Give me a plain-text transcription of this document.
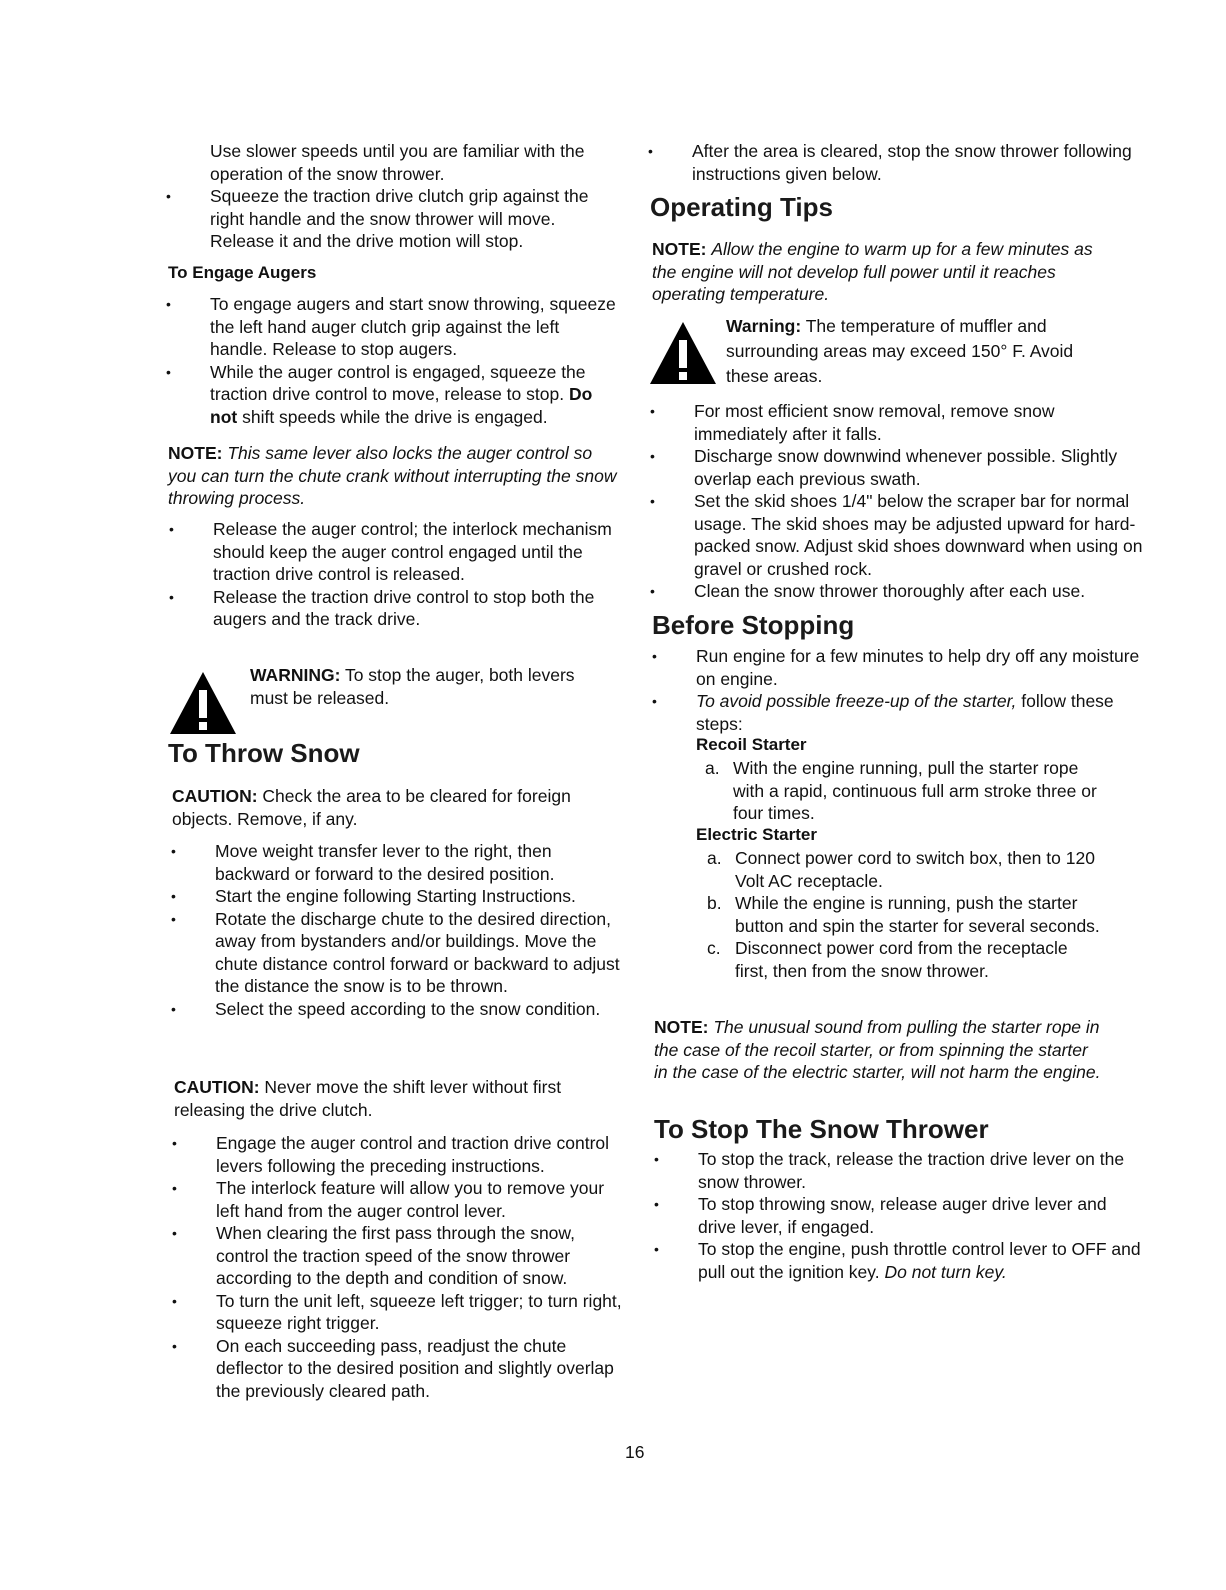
Use slower speeds until you are familiar with the operation of the snow thrower.

• Squeeze the traction drive clutch grip against the right handle and the snow thrower will move. Release it and the drive motion will stop.
To Engage Augers
• To engage augers and start snow throwing, squeeze the left hand auger clutch grip against the left handle. Release to stop augers.
• While the auger control is engaged, squeeze the traction drive control to move, release to stop. Do not shift speeds while the drive is engaged.

NOTE: This same lever also locks the auger control so you can turn the chute crank without interrupting the snow throwing process.

• Release the auger control; the interlock mechanism should keep the auger control engaged until the traction drive control is released.
• Release the traction drive control to stop both the augers and the track drive.

WARNING: To stop the auger, both levers must be released.

To Throw Snow

CAUTION: Check the area to be cleared for foreign objects. Remove, if any.

• Move weight transfer lever to the right, then backward or forward to the desired position.
• Start the engine following Starting Instructions.
• Rotate the discharge chute to the desired direction, away from bystanders and/or buildings. Move the chute distance control forward or backward to adjust the distance the snow is to be thrown.
• Select the speed according to the snow condition.

CAUTION: Never move the shift lever without first releasing the drive clutch.

• Engage the auger control and traction drive control levers following the preceding instructions.
• The interlock feature will allow you to remove your left hand from the auger control lever.
• When clearing the first pass through the snow, control the traction speed of the snow thrower according to the depth and condition of snow.
• To turn the unit left, squeeze left trigger; to turn right, squeeze right trigger.
• On each succeeding pass, readjust the chute deflector to the desired position and slightly overlap the previously cleared path.
• After the area is cleared, stop the snow thrower following instructions given below.
Operating Tips

NOTE: Allow the engine to warm up for a few minutes as the engine will not develop full power until it reaches operating temperature.

Warning: The temperature of muffler and surrounding areas may exceed 150° F. Avoid these areas.

• For most efficient snow removal, remove snow immediately after it falls.
• Discharge snow downwind whenever possible. Slightly overlap each previous swath.
• Set the skid shoes 1/4" below the scraper bar for normal usage. The skid shoes may be adjusted upward for hard-packed snow. Adjust skid shoes downward when using on gravel or crushed rock.
• Clean the snow thrower thoroughly after each use.
Before Stopping
• Run engine for a few minutes to help dry off any moisture on engine.
• To avoid possible freeze-up of the starter, follow these steps:
Recoil Starter
a. With the engine running, pull the starter rope with a rapid, continuous full arm stroke three or four times.
Electric Starter
a. Connect power cord to switch box, then to 120 Volt AC receptacle.
b. While the engine is running, push the starter button and spin the starter for several seconds.
c. Disconnect power cord from the receptacle first, then from the snow thrower.

NOTE: The unusual sound from pulling the starter rope in the case of the recoil starter, or from spinning the starter in the case of the electric starter, will not harm the engine.

To Stop The Snow Thrower
• To stop the track, release the traction drive lever on the snow thrower.
• To stop throwing snow, release auger drive lever and drive lever, if engaged.
• To stop the engine, push throttle control lever to OFF and pull out the ignition key. Do not turn key.
16
